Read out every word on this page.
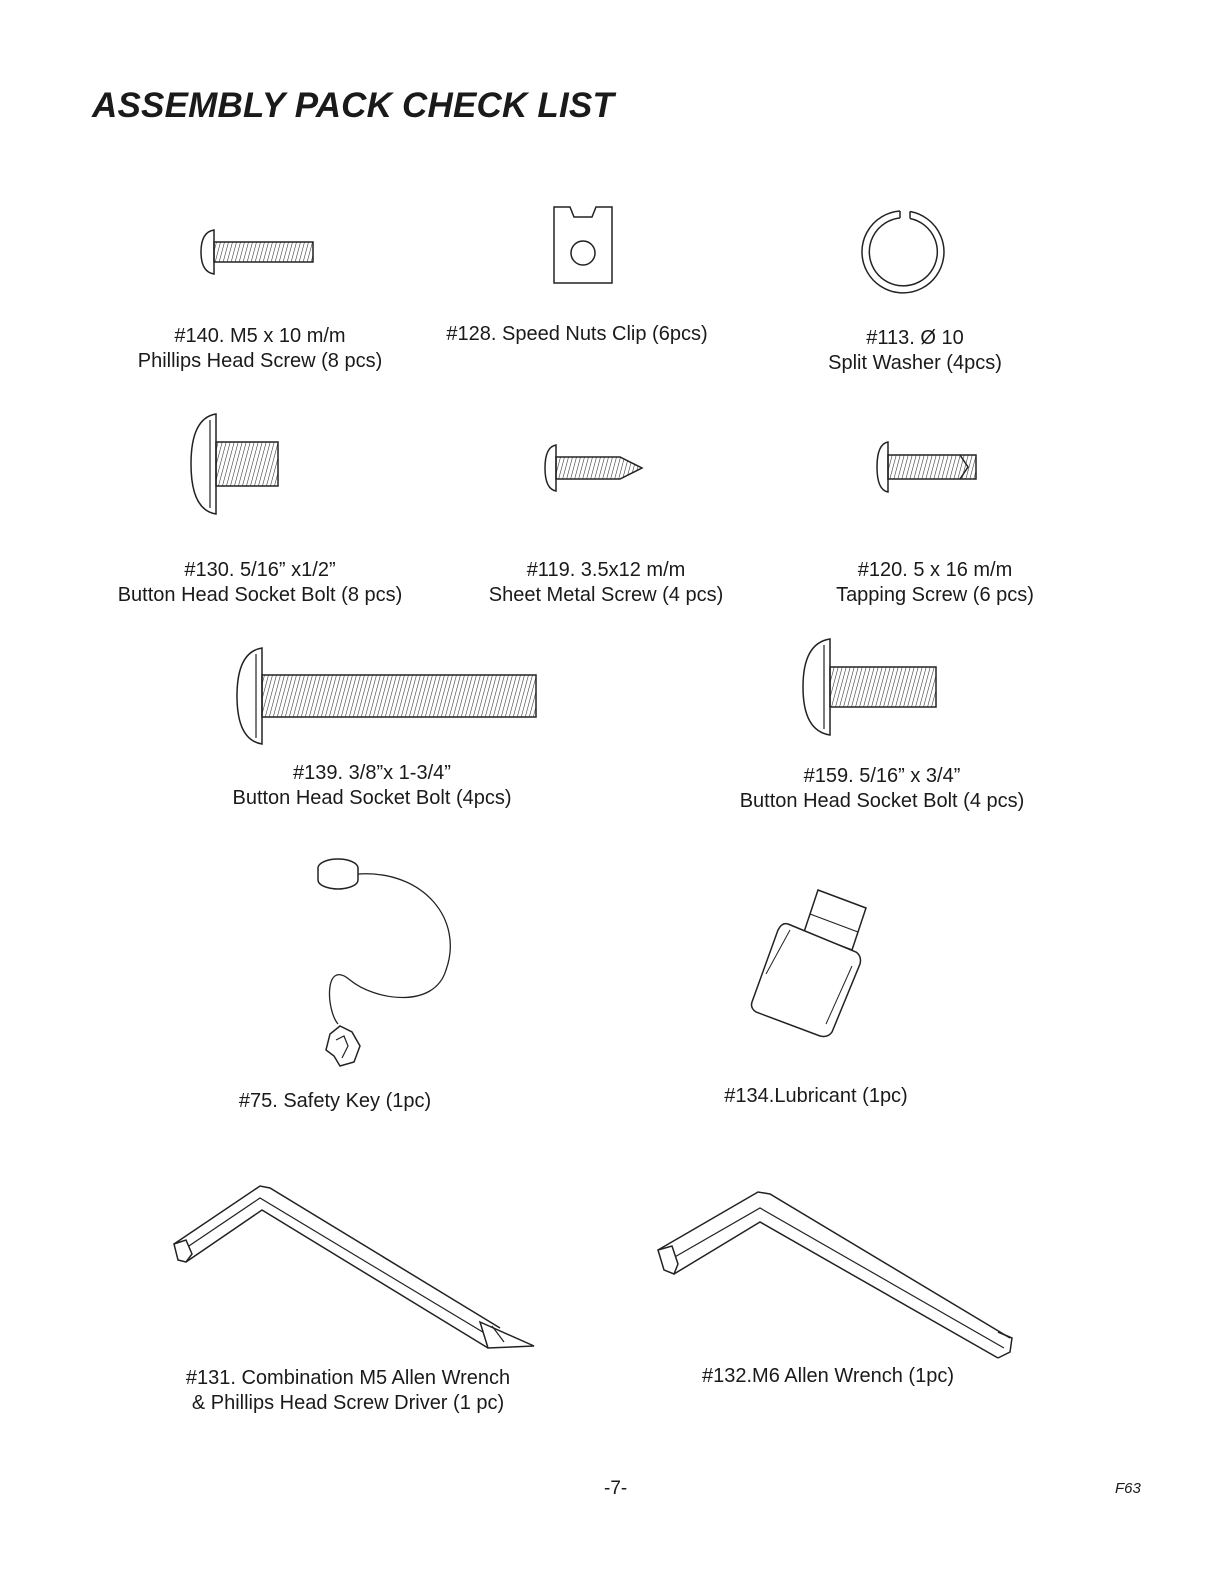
ASSEMBLY PACK CHECK LIST
#140. M5 x 10 m/m
Phillips Head Screw (8 pcs)
#128. Speed Nuts Clip (6pcs)	#113. Ø 10
Split Washer (4pcs)
#130. 5/16” x1/2”
Button Head Socket Bolt (8 pcs)
#119. 3.5x12 m/m
Sheet Metal Screw (4 pcs)
#120. 5 x 16 m/m
Tapping Screw (6 pcs)
#139. 3/8”x 1-3/4”
Button Head Socket Bolt (4pcs)
#159. 5/16” x 3/4”
Button Head Socket Bolt (4 pcs)
#75. Safety Key (1pc)	#134.Lubricant (1pc)
#131. Combination M5 Allen Wrench
& Phillips Head Screw Driver (1 pc)
#132.M6 Allen Wrench (1pc)
-7-	F63
